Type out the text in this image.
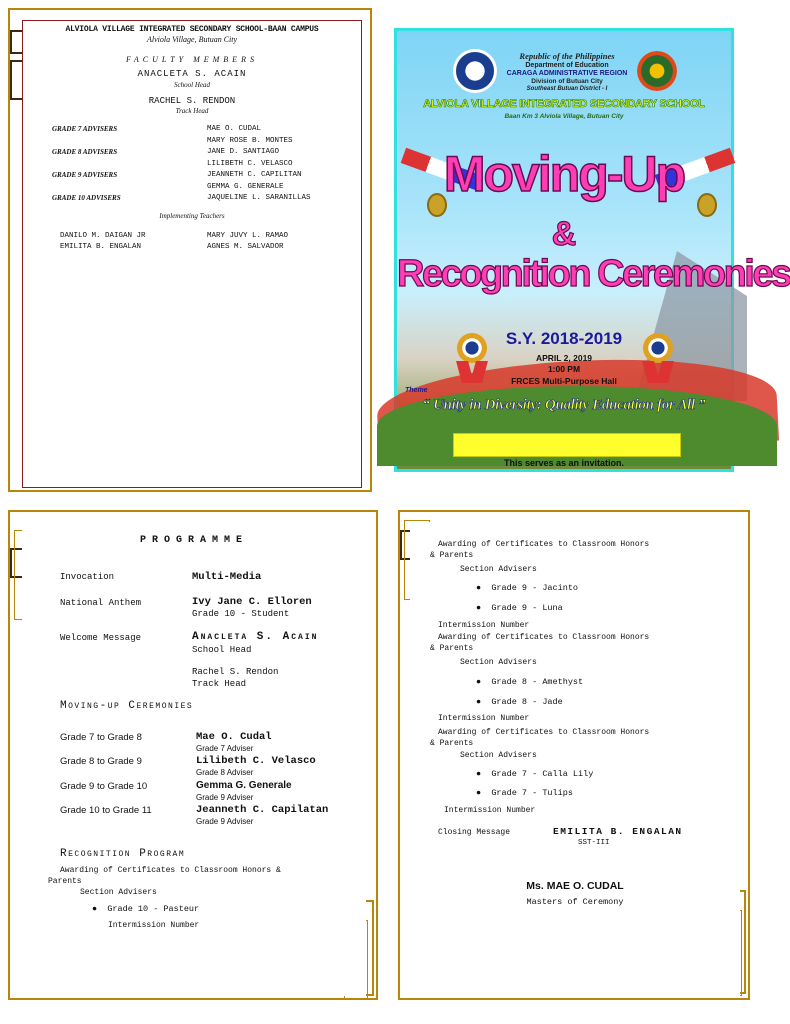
ALVIOLA VILLAGE INTEGRATED SECONDARY SCHOOL-BAAN CAMPUS
Alviola Village, Butuan City
FACULTY MEMBERS
ANACLETA S. ACAIN
School Head
RACHEL S. RENDON
Track Head
GRADE 7 ADVISERS	MAE O. CUDAL
MARY ROSE B. MONTES
GRADE 8 ADVISERS	JANE D. SANTIAGO
LILIBETH C. VELASCO
GRADE 9 ADVISERS	JEANNETH C. CAPILITAN
GEMMA G. GENERALE
GRADE 10 ADVISERS	JAQUELINE L. SARANILLAS
Implementing Teachers
DANILO M. DAIGAN JR	MARY JUVY L. RAMAO
EMILITA B. ENGALAN	AGNES M. SALVADOR
Republic of the Philippines
Department of Education
CARAGA ADMINISTRATIVE REGION
Division of Butuan City
Southeast Butuan District - I
ALVIOLA VILLAGE INTEGRATED SECONDARY SCHOOL
Baan Km 3 Alviola Village, Butuan City
Moving-Up
&
Recognition Ceremonies
S.Y. 2018-2019
APRIL 2, 2019
1:00 PM
FRCES Multi-Purpose Hall
Theme
“ Unity in Diversity: Quality Education for All ”
This serves as an invitation.
PROGRAMME
Invocation	Multi-Media
National Anthem	Ivy Jane C. Elloren
Grade 10 - Student
Welcome Message	Anacleta S. Acain
School Head
Rachel S. Rendon
Track Head
Moving-up Ceremonies
Grade 7 to Grade 8	Mae O. Cudal
Grade 7 Adviser
Grade 8 to Grade 9	Lilibeth C. Velasco
Grade 8 Adviser
Grade 9 to Grade 10	Gemma G. Generale
Grade 9 Adviser
Grade 10 to Grade 11	Jeanneth C. Capilatan
Grade 9 Adviser
Recognition Program
Awarding of Certificates to Classroom Honors &
Parents
Section Advisers
●  Grade 10 - Pasteur
Intermission Number
Awarding of Certificates to Classroom Honors
& Parents
Section Advisers
●  Grade 9 - Jacinto
●  Grade 9 - Luna
Intermission Number
Awarding of Certificates to Classroom Honors
& Parents
Section Advisers
●  Grade 8 - Amethyst
●  Grade 8 - Jade
Intermission Number
Awarding of Certificates to Classroom Honors
& Parents
Section Advisers
●  Grade 7 - Calla Lily
●  Grade 7 - Tulips
Intermission Number
Closing Message	EMILITA B. ENGALAN
SST-III
Ms. MAE O. CUDAL
Masters of Ceremony
